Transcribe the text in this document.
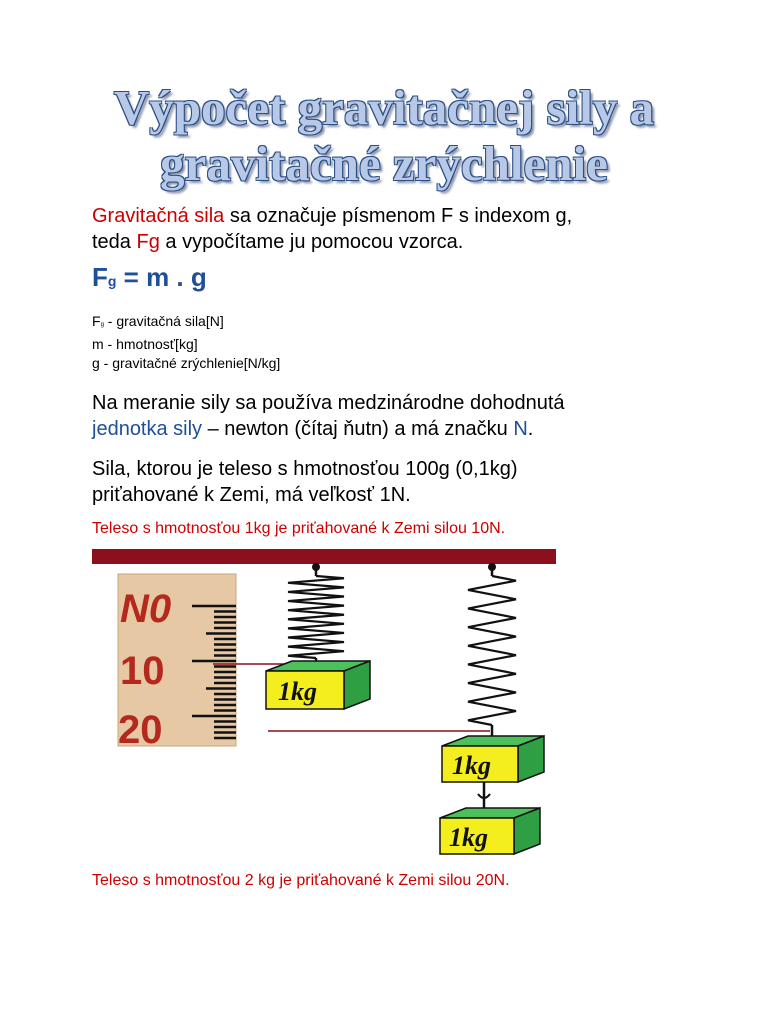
Výpočet gravitačnej sily a
gravitačné zrýchlenie

Gravitačná sila sa označuje písmenom F s indexom g,
teda Fg a vypočítame ju pomocou vzorca.

Fg = m . g
Fg - gravitačná sila[N]
m - hmotnosť[kg]
g - gravitačné zrýchlenie[N/kg]

Na meranie sily sa používa medzinárodne dohodnutá
jednotka sily – newton (čítaj ňutn) a má značku N.

Sila, ktorou je teleso s hmotnosťou 100g (0,1kg)
priťahované k Zemi, má veľkosť 1N.

Teleso s hmotnosťou 1kg je priťahované k Zemi silou 10N.
N0
10
20
1kg
1kg
1kg
Teleso s hmotnosťou 2 kg je priťahované k Zemi silou 20N.
